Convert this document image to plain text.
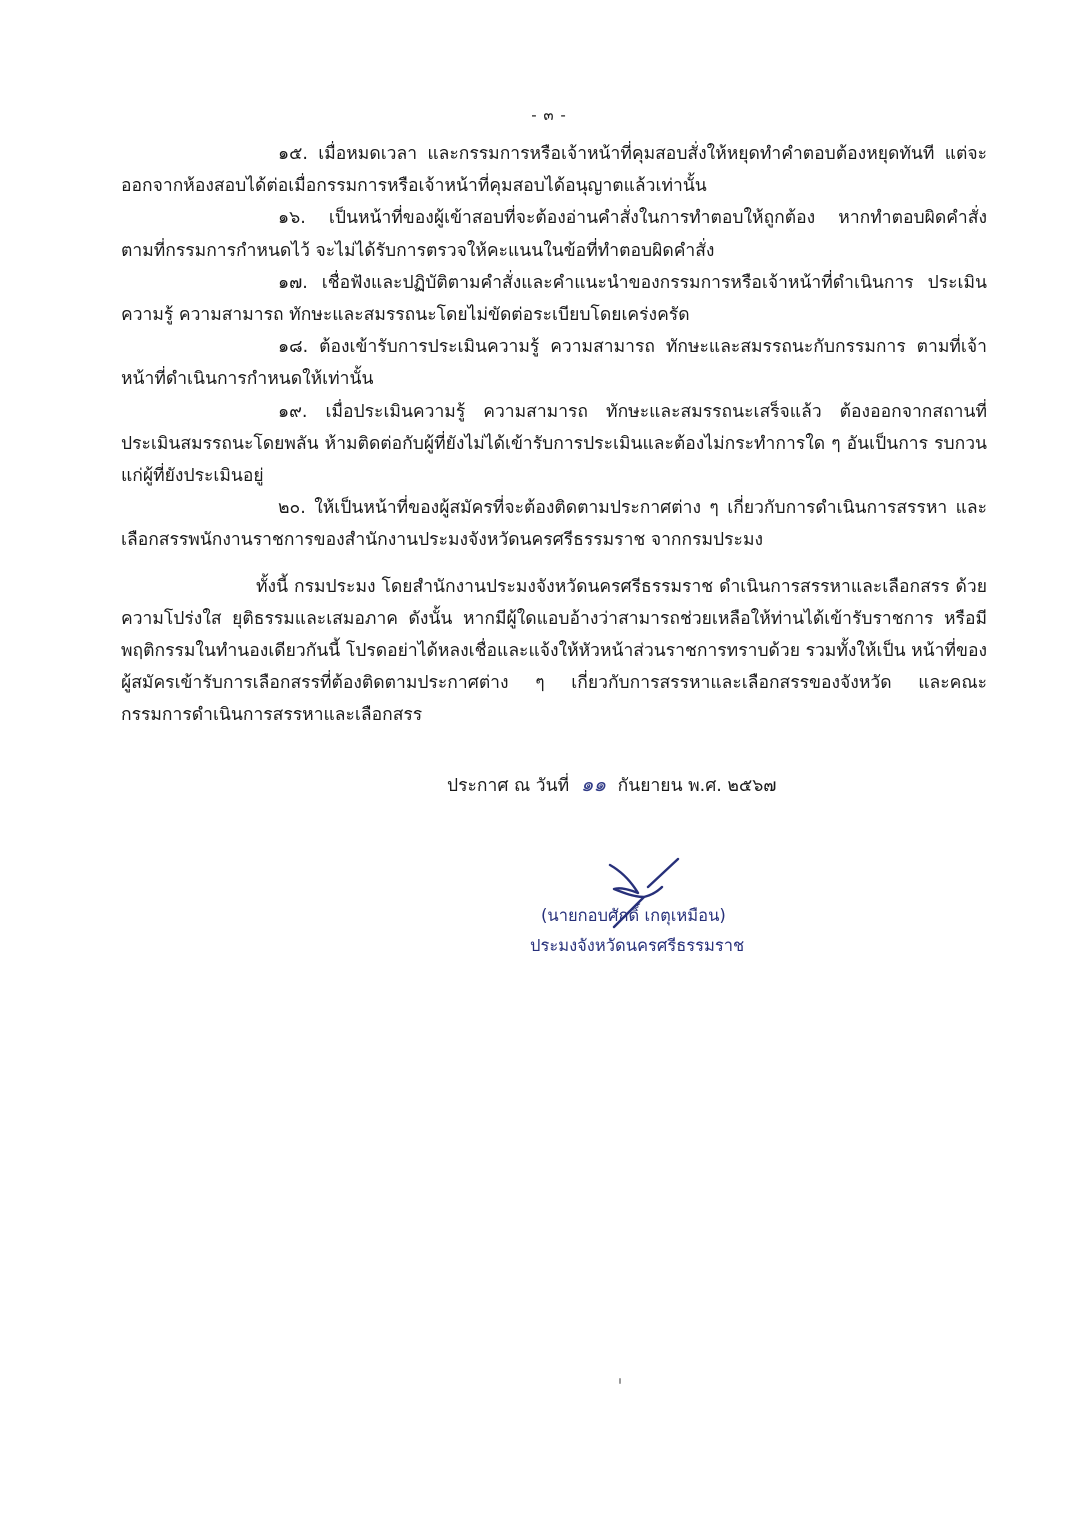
- ๓ -

๑๕. เมื่อหมดเวลา และกรรมการหรือเจ้าหน้าที่คุมสอบสั่งให้หยุดทำคำตอบต้องหยุดทันที แต่จะออกจากห้องสอบได้ต่อเมื่อกรรมการหรือเจ้าหน้าที่คุมสอบได้อนุญาตแล้วเท่านั้น

๑๖. เป็นหน้าที่ของผู้เข้าสอบที่จะต้องอ่านคำสั่งในการทำตอบให้ถูกต้อง หากทำตอบผิดคำสั่ง ตามที่กรรมการกำหนดไว้ จะไม่ได้รับการตรวจให้คะแนนในข้อที่ทำตอบผิดคำสั่ง

๑๗. เชื่อฟังและปฏิบัติตามคำสั่งและคำแนะนำของกรรมการหรือเจ้าหน้าที่ดำเนินการ ประเมินความรู้ ความสามารถ ทักษะและสมรรถนะโดยไม่ขัดต่อระเบียบโดยเคร่งครัด

๑๘. ต้องเข้ารับการประเมินความรู้ ความสามารถ ทักษะและสมรรถนะกับกรรมการ ตามที่เจ้าหน้าที่ดำเนินการกำหนดให้เท่านั้น

๑๙. เมื่อประเมินความรู้ ความสามารถ ทักษะและสมรรถนะเสร็จแล้ว ต้องออกจากสถานที่ ประเมินสมรรถนะโดยพลัน ห้ามติดต่อกับผู้ที่ยังไม่ได้เข้ารับการประเมินและต้องไม่กระทำการใด ๆ อันเป็นการ รบกวนแก่ผู้ที่ยังประเมินอยู่

๒๐. ให้เป็นหน้าที่ของผู้สมัครที่จะต้องติดตามประกาศต่าง ๆ เกี่ยวกับการดำเนินการสรรหา และเลือกสรรพนักงานราชการของสำนักงานประมงจังหวัดนครศรีธรรมราช จากกรมประมง

ทั้งนี้ กรมประมง โดยสำนักงานประมงจังหวัดนครศรีธรรมราช ดำเนินการสรรหาและเลือกสรร ด้วยความโปร่งใส ยุติธรรมและเสมอภาค ดังนั้น หากมีผู้ใดแอบอ้างว่าสามารถช่วยเหลือให้ท่านได้เข้ารับราชการ หรือมีพฤติกรรมในทำนองเดียวกันนี้ โปรดอย่าได้หลงเชื่อและแจ้งให้หัวหน้าส่วนราชการทราบด้วย รวมทั้งให้เป็น หน้าที่ของผู้สมัครเข้ารับการเลือกสรรที่ต้องติดตามประกาศต่าง ๆ เกี่ยวกับการสรรหาและเลือกสรรของจังหวัด และคณะกรรมการดำเนินการสรรหาและเลือกสรร

ประกาศ ณ วันที่ ๑๑ กันยายน พ.ศ. ๒๕๖๗
(นายกอบศักดิ์ เกตุเหมือน)
ประมงจังหวัดนครศรีธรรมราช
